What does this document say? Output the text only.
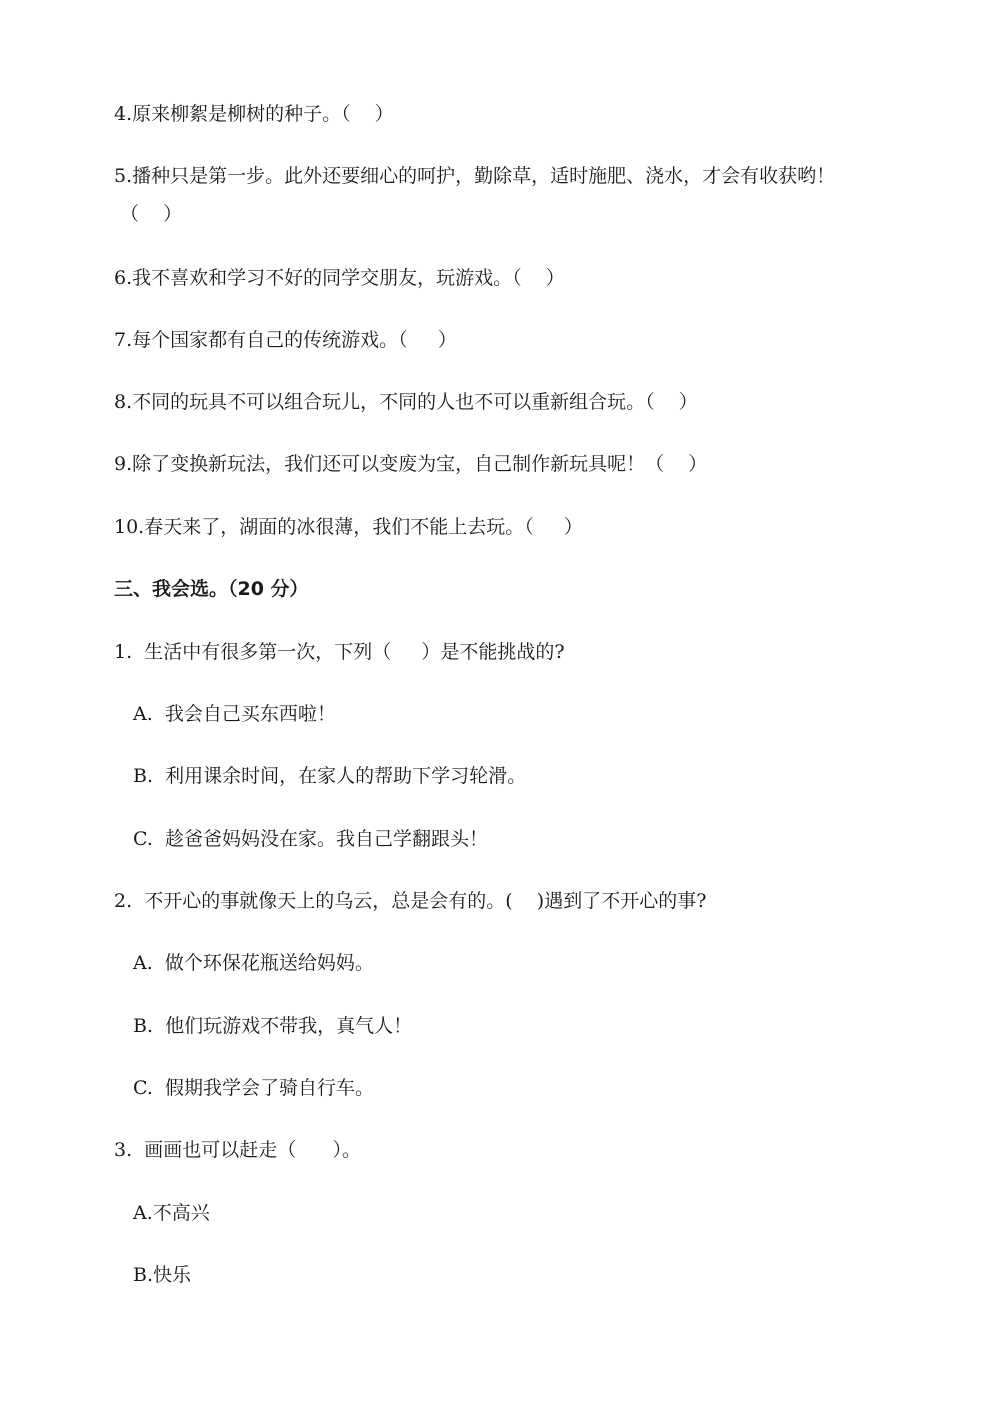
4.原来柳絮是柳树的种子。（    ）
5.播种只是第一步。此外还要细心的呵护，勤除草，适时施肥、浇水，才会有收获哟！
（    ）
6.我不喜欢和学习不好的同学交朋友，玩游戏。（    ）
7.每个国家都有自己的传统游戏。（     ）
8.不同的玩具不可以组合玩儿，不同的人也不可以重新组合玩。（    ）
9.除了变换新玩法，我们还可以变废为宝，自己制作新玩具呢！（    ）
10.春天来了，湖面的冰很薄，我们不能上去玩。（     ）
三、我会选。（20 分）
1.  生活中有很多第一次，下列（     ）是不能挑战的?
A.  我会自己买东西啦！
B.  利用课余时间，在家人的帮助下学习轮滑。
C.  趁爸爸妈妈没在家。我自己学翻跟头！
2.  不开心的事就像天上的乌云，总是会有的。(    )遇到了不开心的事?
A.  做个环保花瓶送给妈妈。
B.  他们玩游戏不带我，真气人！
C.  假期我学会了骑自行车。
3.  画画也可以赶走（      ）。
A.不高兴
B.快乐
